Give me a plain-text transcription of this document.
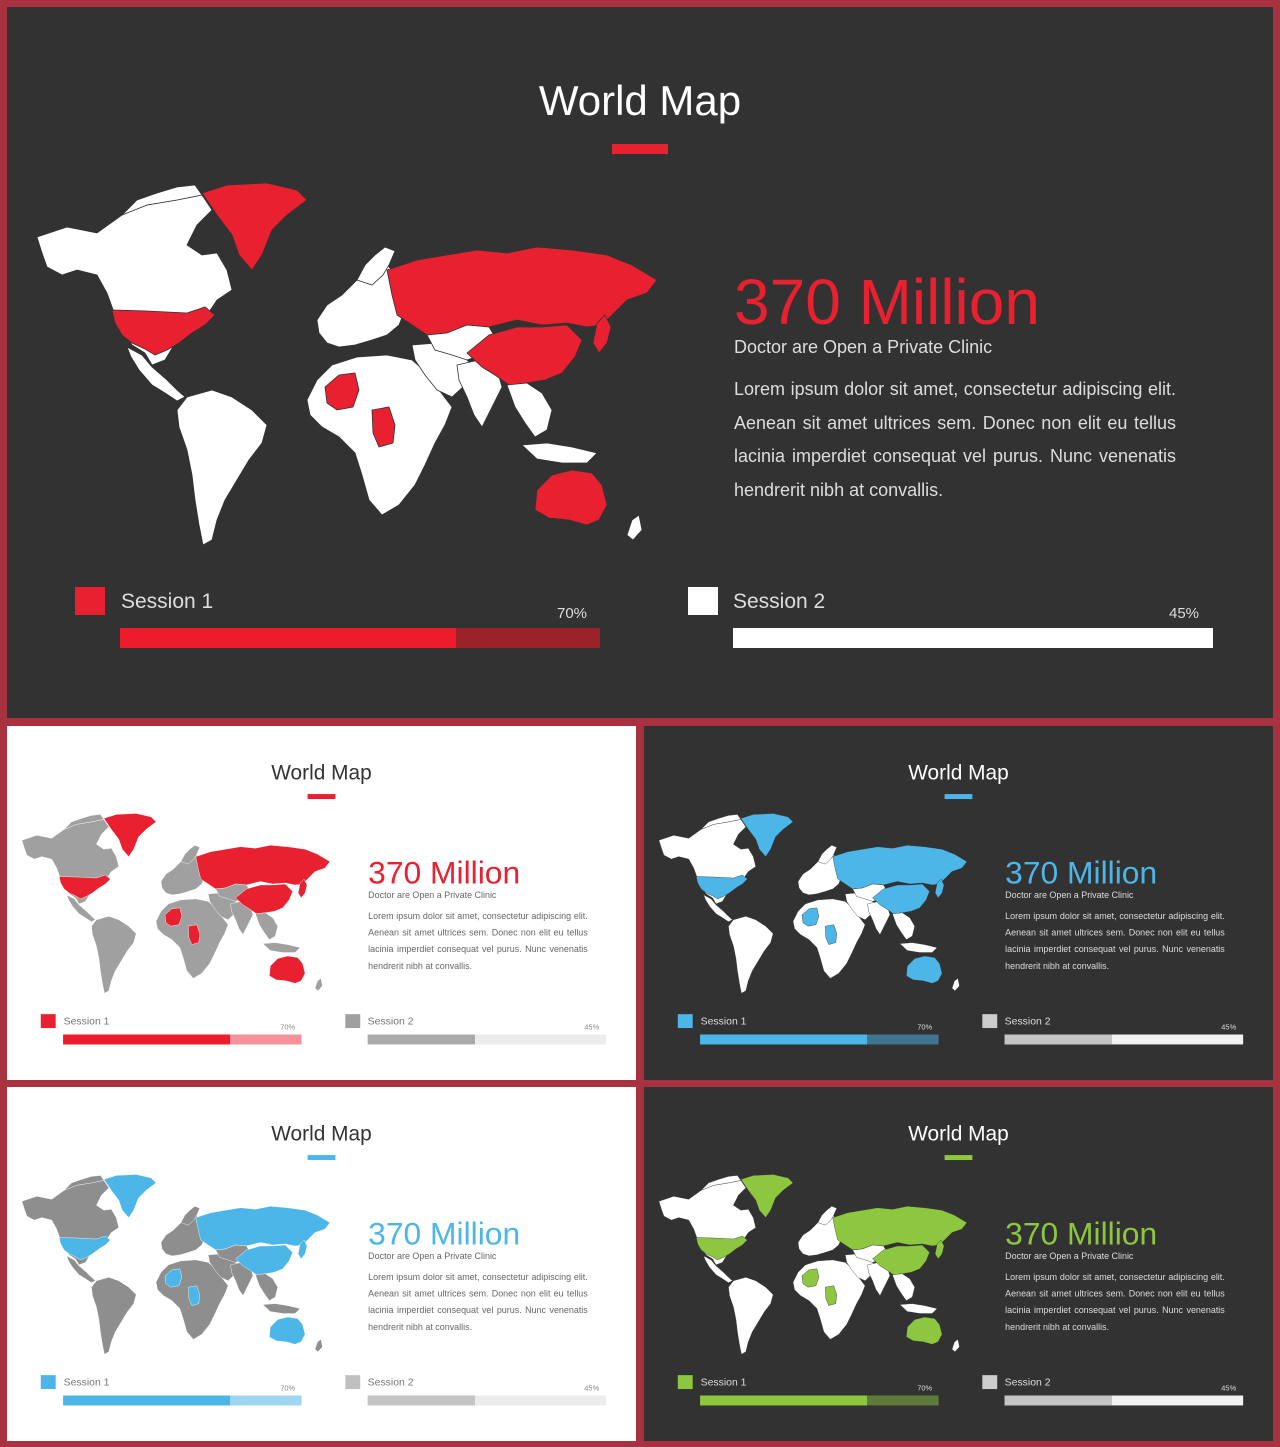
World Map
370 Million
Doctor are Open a Private Clinic
Lorem ipsum dolor sit amet, consectetur adipiscing elit. Aenean sit amet ultrices sem. Donec non elit eu tellus lacinia imperdiet consequat vel purus. Nunc venenatis hendrerit nibh at convallis.
Session 1
70%
Session 2
45%
World Map
370 Million
Doctor are Open a Private Clinic
Lorem ipsum dolor sit amet, consectetur adipiscing elit. Aenean sit amet ultrices sem. Donec non elit eu tellus lacinia imperdiet consequat vel purus. Nunc venenatis hendrerit nibh at convallis.
Session 1
70%
Session 2
45%
World Map
370 Million
Doctor are Open a Private Clinic
Lorem ipsum dolor sit amet, consectetur adipiscing elit. Aenean sit amet ultrices sem. Donec non elit eu tellus lacinia imperdiet consequat vel purus. Nunc venenatis hendrerit nibh at convallis.
Session 1
70%
Session 2
45%
World Map
370 Million
Doctor are Open a Private Clinic
Lorem ipsum dolor sit amet, consectetur adipiscing elit. Aenean sit amet ultrices sem. Donec non elit eu tellus lacinia imperdiet consequat vel purus. Nunc venenatis hendrerit nibh at convallis.
Session 1
70%
Session 2
45%
World Map
370 Million
Doctor are Open a Private Clinic
Lorem ipsum dolor sit amet, consectetur adipiscing elit. Aenean sit amet ultrices sem. Donec non elit eu tellus lacinia imperdiet consequat vel purus. Nunc venenatis hendrerit nibh at convallis.
Session 1
70%
Session 2
45%
